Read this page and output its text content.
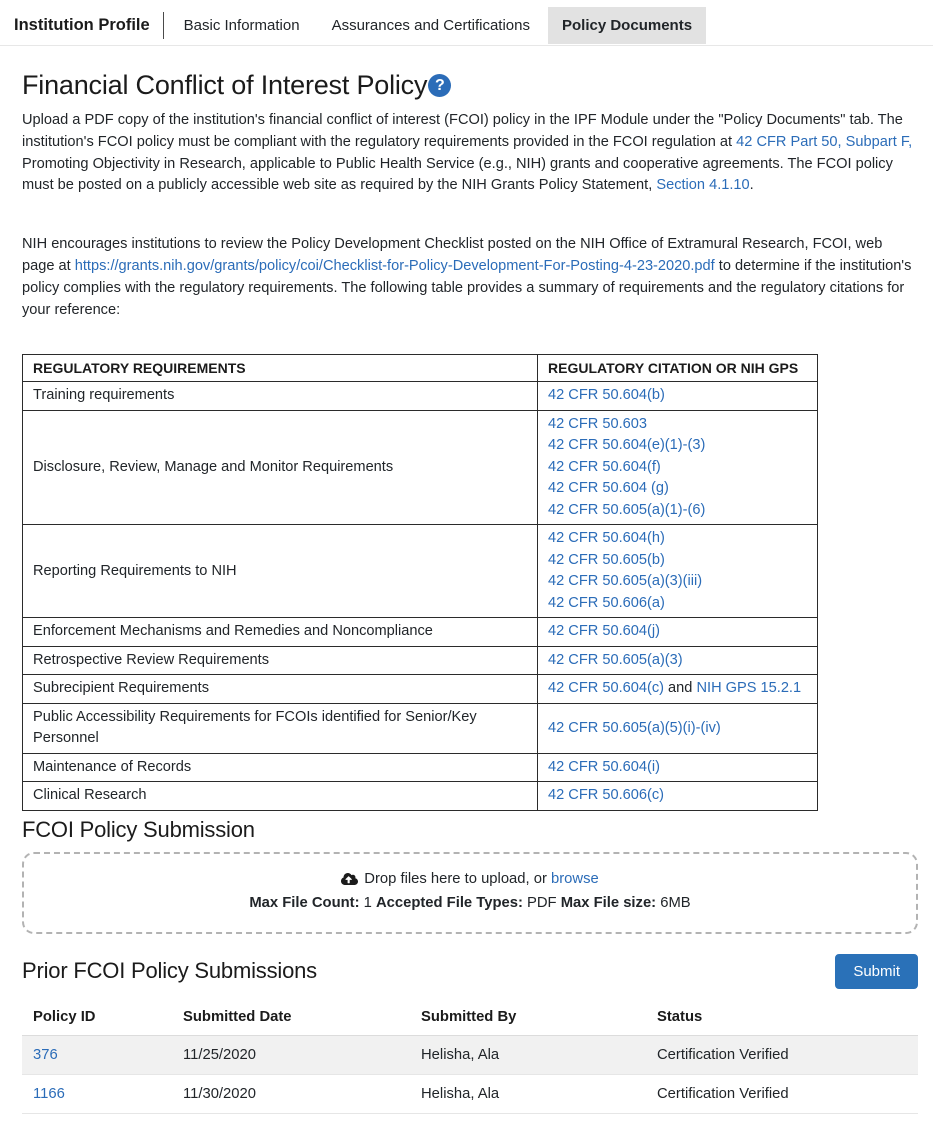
Institution Profile	Basic Information Assurances and Certifications Policy Documents
Financial Conflict of Interest Policy ?

Upload a PDF copy of the institution's financial conflict of interest (FCOI) policy in the IPF Module under the "Policy Documents" tab. The institution's FCOI policy must be compliant with the regulatory requirements provided in the FCOI regulation at 42 CFR Part 50, Subpart F, Promoting Objectivity in Research, applicable to Public Health Service (e.g., NIH) grants and cooperative agreements. The FCOI policy must be posted on a publicly accessible web site as required by the NIH Grants Policy Statement, Section 4.1.10.

NIH encourages institutions to review the Policy Development Checklist posted on the NIH Office of Extramural Research, FCOI, web page at https://grants.nih.gov/grants/policy/coi/Checklist-for-Policy-Development-For-Posting-4-23-2020.pdf to determine if the institution's policy complies with the regulatory requirements. The following table provides a summary of requirements and the regulatory citations for your reference:

REGULATORY REQUIREMENTS	REGULATORY CITATION OR NIH GPS
Training requirements	42 CFR 50.604(b)

Disclosure, Review, Manage and Monitor Requirements	42 CFR 50.603
42 CFR 50.604(e)(1)-(3)
42 CFR 50.604(f)
42 CFR 50.604 (g)
42 CFR 50.605(a)(1)-(6)

Reporting Requirements to NIH	42 CFR 50.604(h)
42 CFR 50.605(b)
42 CFR 50.605(a)(3)(iii)
42 CFR 50.606(a)

Enforcement Mechanisms and Remedies and Noncompliance	42 CFR 50.604(j)

Retrospective Review Requirements	42 CFR 50.605(a)(3)

Subrecipient Requirements	42 CFR 50.604(c) and NIH GPS 15.2.1

Public Accessibility Requirements for FCOIs identified for Senior/Key Personnel	42 CFR 50.605(a)(5)(i)-(iv)

Maintenance of Records	42 CFR 50.604(i)

Clinical Research	42 CFR 50.606(c)
FCOI Policy Submission
Drop files here to upload, or browse
Max File Count: 1 Accepted File Types: PDF Max File size: 6MB
Prior FCOI Policy Submissions	Submit
Policy ID	Submitted Date	Submitted By	Status
376	11/25/2020	Helisha, Ala	Certification Verified
1166	11/30/2020	Helisha, Ala	Certification Verified
